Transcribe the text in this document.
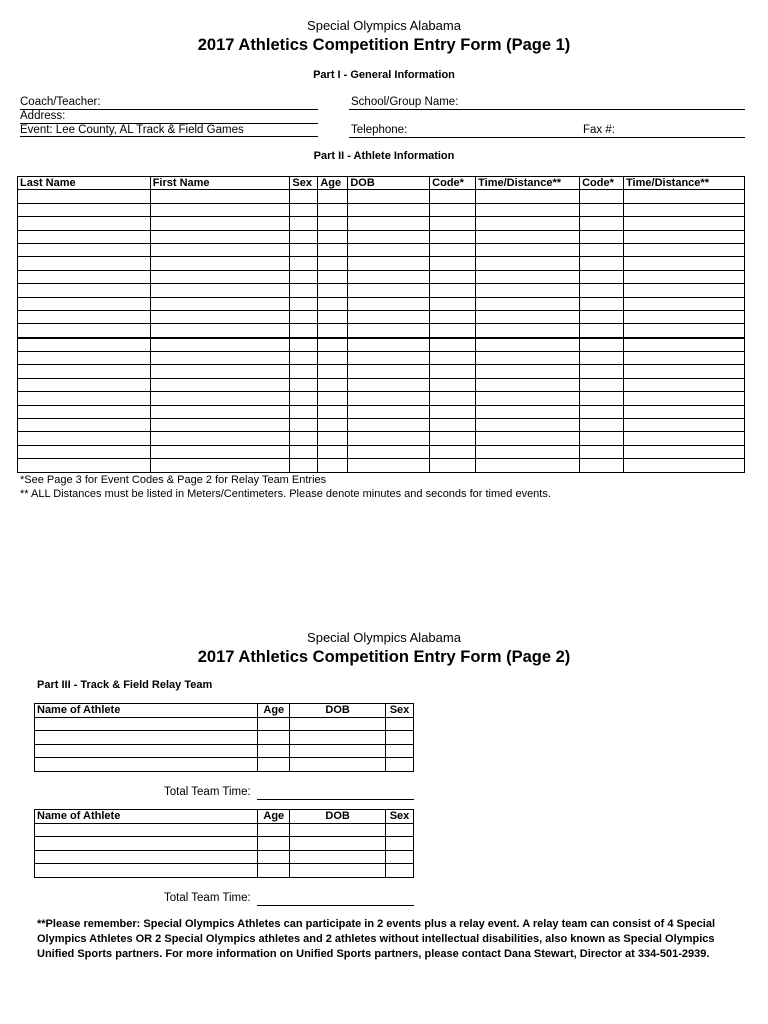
Special Olympics Alabama
2017 Athletics Competition Entry Form (Page 1)
Part I - General Information
Coach/Teacher:
Address:
Event: Lee County, AL Track & Field Games
School/Group Name:
Telephone:	Fax #:
Part II - Athlete Information
Last Name	First Name	Sex	Age	DOB	Code*	Time/Distance**	Code*	Time/Distance**

*See Page 3 for Event Codes & Page 2 for Relay Team Entries
** ALL Distances must be listed in Meters/Centimeters. Please denote minutes and seconds for timed events.
Special Olympics Alabama
2017 Athletics Competition Entry Form (Page 2)
Part III - Track & Field Relay Team
Name of Athlete	Age	DOB	Sex

Total Team Time:
Name of Athlete	Age	DOB	Sex

Total Team Time:
**Please remember: Special Olympics Athletes can participate in 2 events plus a relay event. A relay team can consist of 4 Special Olympics Athletes OR 2 Special Olympics athletes and 2 athletes without intellectual disabilities, also known as Special Olympics Unified Sports partners. For more information on Unified Sports partners, please contact Dana Stewart, Director at 334-501-2939.
